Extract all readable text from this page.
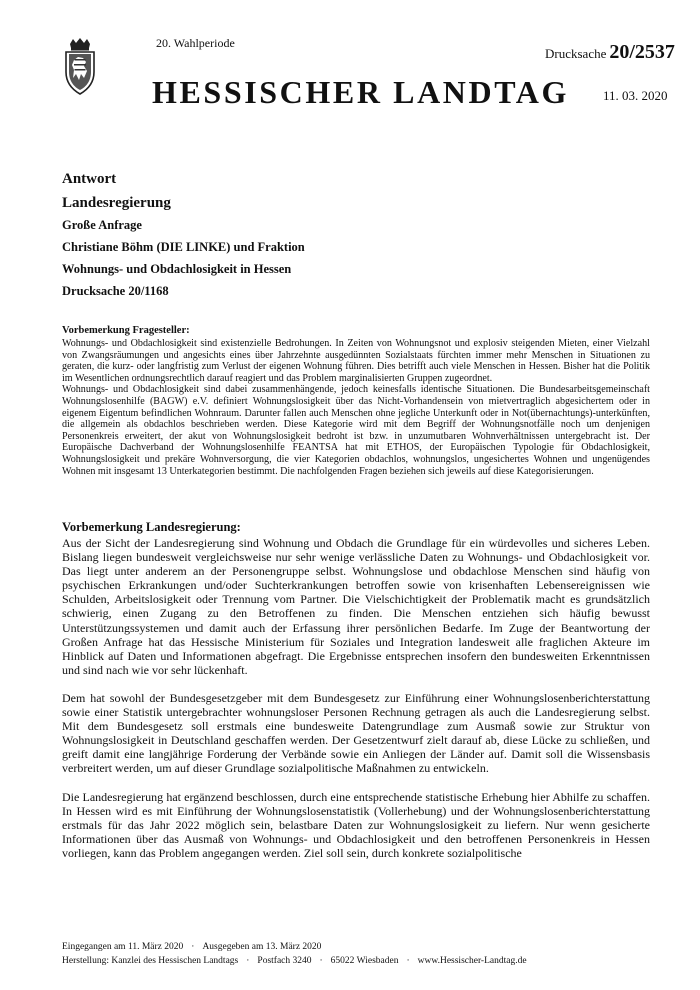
20. Wahlperiode
Drucksache 20/2537
HESSISCHER LANDTAG	11. 03. 2020
Antwort
Landesregierung
Große Anfrage
Christiane Böhm (DIE LINKE) und Fraktion
Wohnungs- und Obdachlosigkeit in Hessen
Drucksache 20/1168
Vorbemerkung Fragesteller:

Wohnungs- und Obdachlosigkeit sind existenzielle Bedrohungen. In Zeiten von Wohnungsnot und explosiv steigenden Mieten, einer Vielzahl von Zwangsräumungen und angesichts eines über Jahrzehnte ausgedünnten Sozialstaats fürchten immer mehr Menschen in Situationen zu geraten, die kurz- oder langfristig zum Verlust der eigenen Wohnung führen. Dies betrifft auch viele Menschen in Hessen. Bisher hat die Politik im Wesentlichen ordnungsrechtlich darauf reagiert und das Problem marginalisierten Gruppen zugeordnet.

Wohnungs- und Obdachlosigkeit sind dabei zusammenhängende, jedoch keinesfalls identische Situationen. Die Bundesarbeitsgemeinschaft Wohnungslosenhilfe (BAGW) e.V. definiert Wohnungslosigkeit über das Nicht-Vorhandensein von mietvertraglich abgesichertem oder in eigenem Eigentum befindlichen Wohnraum. Darunter fallen auch Menschen ohne jegliche Unterkunft oder in Not(übernachtungs)-unterkünften, die allgemein als obdachlos beschrieben werden. Diese Kategorie wird mit dem Begriff der Wohnungsnotfälle noch um denjenigen Personenkreis erweitert, der akut von Wohnungslosigkeit bedroht ist bzw. in unzumutbaren Wohnverhältnissen untergebracht ist. Der Europäische Dachverband der Wohnungslosenhilfe FEANTSA hat mit ETHOS, der Europäischen Typologie für Obdachlosigkeit, Wohnungslosigkeit und prekäre Wohnversorgung, die vier Kategorien obdachlos, wohnungslos, ungesichertes Wohnen und ungenügendes Wohnen mit insgesamt 13 Unterkategorien bestimmt. Die nachfolgenden Fragen beziehen sich jeweils auf diese Kategorisierungen.

Vorbemerkung Landesregierung:

Aus der Sicht der Landesregierung sind Wohnung und Obdach die Grundlage für ein würdevolles und sicheres Leben. Bislang liegen bundesweit vergleichsweise nur sehr wenige verlässliche Daten zu Wohnungs- und Obdachlosigkeit vor. Das liegt unter anderem an der Personengruppe selbst. Wohnungslose und obdachlose Menschen sind häufig von psychischen Erkrankungen und/oder Suchterkrankungen betroffen sowie von krisenhaften Lebensereignissen wie Schulden, Arbeitslosigkeit oder Trennung vom Partner. Die Vielschichtigkeit der Problematik macht es grundsätzlich schwierig, einen Zugang zu den Betroffenen zu finden. Die Menschen entziehen sich häufig bewusst Unterstützungssystemen und damit auch der Erfassung ihrer persönlichen Bedarfe. Im Zuge der Beantwortung der Großen Anfrage hat das Hessische Ministerium für Soziales und Integration landesweit alle fraglichen Akteure im Hinblick auf Daten und Informationen abgefragt. Die Ergebnisse entsprechen insofern den bundesweiten Erkenntnissen und sind nach wie vor sehr lückenhaft.

Dem hat sowohl der Bundesgesetzgeber mit dem Bundesgesetz zur Einführung einer Wohnungslosenberichterstattung sowie einer Statistik untergebrachter wohnungsloser Personen Rechnung getragen als auch die Landesregierung selbst. Mit dem Bundesgesetz soll erstmals eine bundesweite Datengrundlage zum Ausmaß sowie zur Struktur von Wohnungslosigkeit in Deutschland geschaffen werden. Der Gesetzentwurf zielt darauf ab, diese Lücke zu schließen, und greift damit eine langjährige Forderung der Verbände sowie ein Anliegen der Länder auf. Damit soll die Wissensbasis verbreitert werden, um auf dieser Grundlage sozialpolitische Maßnahmen zu entwickeln.

Die Landesregierung hat ergänzend beschlossen, durch eine entsprechende statistische Erhebung hier Abhilfe zu schaffen. In Hessen wird es mit Einführung der Wohnungslosenstatistik (Vollerhebung) und der Wohnungslosenberichterstattung erstmals für das Jahr 2022 möglich sein, belastbare Daten zur Wohnungslosigkeit zu liefern. Nur wenn gesicherte Informationen über das Ausmaß von Wohnungs- und Obdachlosigkeit und den betroffenen Personenkreis in Hessen vorliegen, kann das Problem angegangen werden. Ziel soll sein, durch konkrete sozialpolitische

Eingegangen am 11. März 2020 · Ausgegeben am 13. März 2020
Herstellung: Kanzlei des Hessischen Landtags · Postfach 3240 · 65022 Wiesbaden · www.Hessischer-Landtag.de
